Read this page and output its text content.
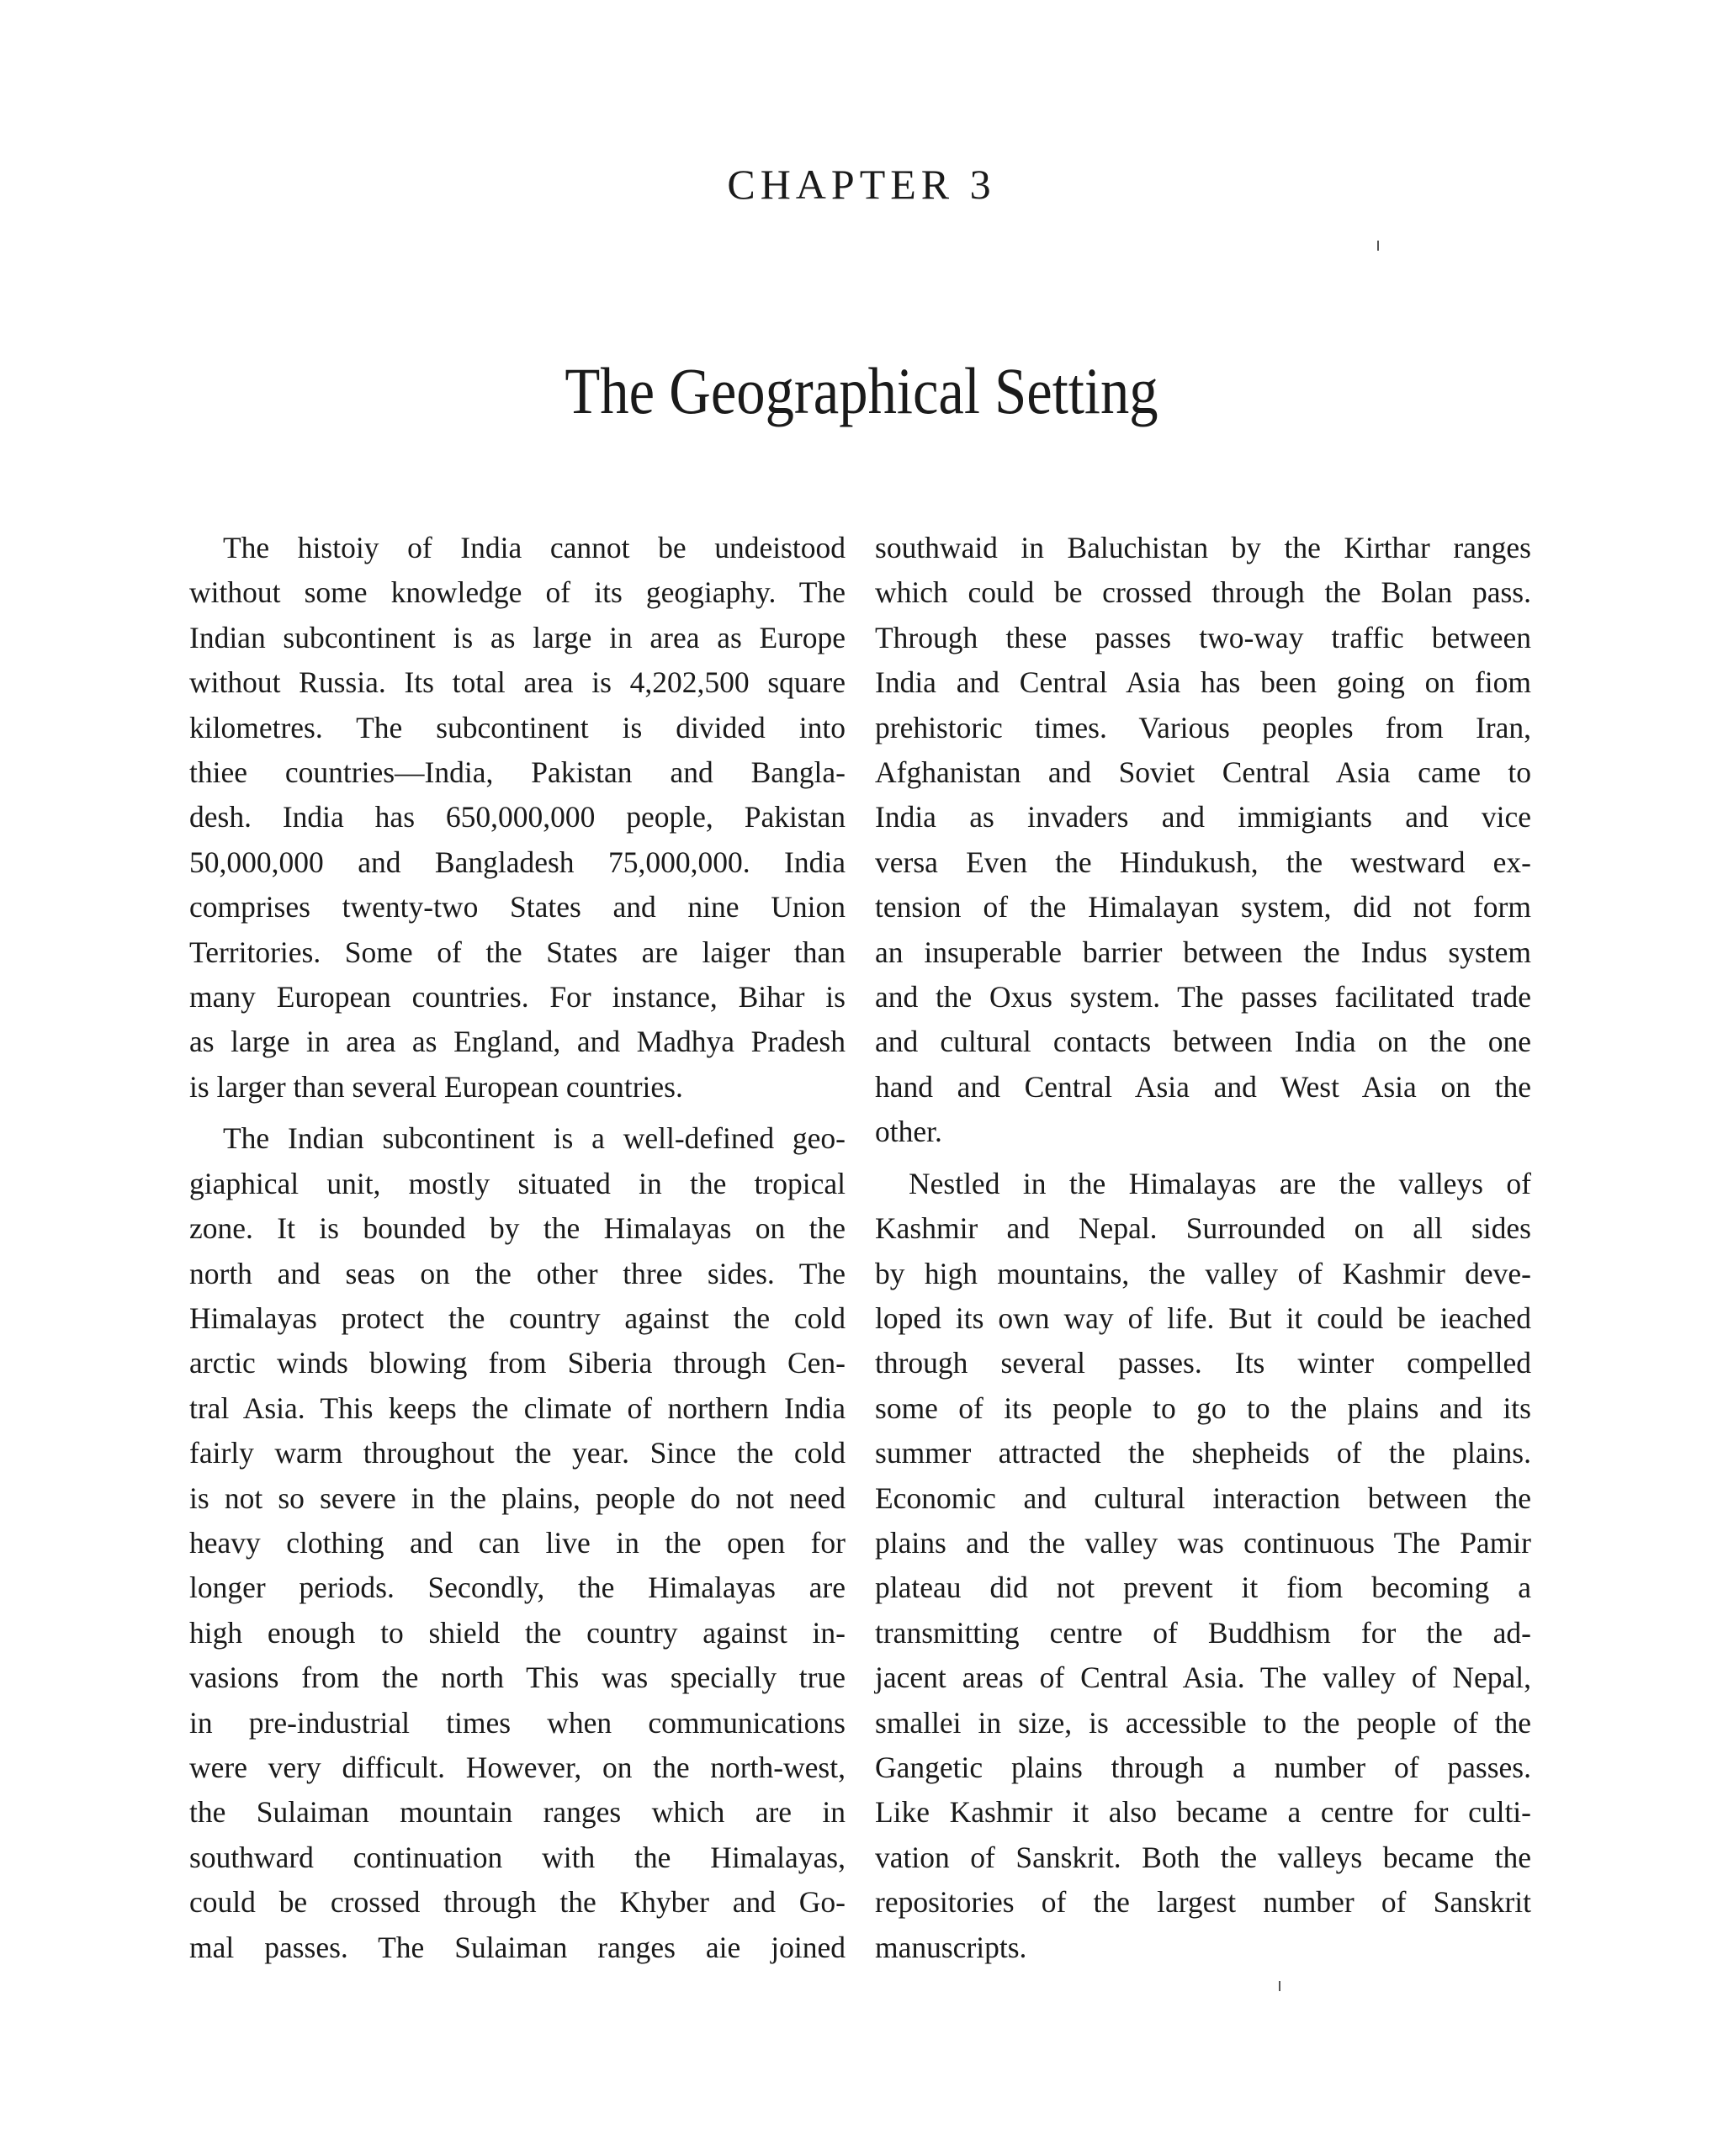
CHAPTER 3
The Geographical Setting
The histoiy of India cannot be undeistood
without some knowledge of its geogiaphy. The
Indian subcontinent is as large in area as Europe
without Russia. Its total area is 4,202,500 square
kilometres. The subcontinent is divided into
thiee countries—India, Pakistan and Bangla-
desh. India has 650,000,000 people, Pakistan
50,000,000 and Bangladesh 75,000,000. India
comprises twenty-two States and nine Union
Territories. Some of the States are laiger than
many European countries. For instance, Bihar is
as large in area as England, and Madhya Pradesh
is larger than several European countries.
The Indian subcontinent is a well-defined geo-
giaphical unit, mostly situated in the tropical
zone. It is bounded by the Himalayas on the
north and seas on the other three sides. The
Himalayas protect the country against the cold
arctic winds blowing from Siberia through Cen-
tral Asia. This keeps the climate of northern India
fairly warm throughout the year. Since the cold
is not so severe in the plains, people do not need
heavy clothing and can live in the open for
longer periods. Secondly, the Himalayas are
high enough to shield the country against in-
vasions from the north This was specially true
in pre-industrial times when communications
were very difficult. However, on the north-west,
the Sulaiman mountain ranges which are in
southward continuation with the Himalayas,
could be crossed through the Khyber and Go-
mal passes. The Sulaiman ranges aie joined
southwaid in Baluchistan by the Kirthar ranges
which could be crossed through the Bolan pass.
Through these passes two-way traffic between
India and Central Asia has been going on fiom
prehistoric times. Various peoples from Iran,
Afghanistan and Soviet Central Asia came to
India as invaders and immigiants and vice
versa Even the Hindukush, the westward ex-
tension of the Himalayan system, did not form
an insuperable barrier between the Indus system
and the Oxus system. The passes facilitated trade
and cultural contacts between India on the one
hand and Central Asia and West Asia on the
other.
Nestled in the Himalayas are the valleys of
Kashmir and Nepal. Surrounded on all sides
by high mountains, the valley of Kashmir deve-
loped its own way of life. But it could be ieached
through several passes. Its winter compelled
some of its people to go to the plains and its
summer attracted the shepheids of the plains.
Economic and cultural interaction between the
plains and the valley was continuous The Pamir
plateau did not prevent it fiom becoming a
transmitting centre of Buddhism for the ad-
jacent areas of Central Asia. The valley of Nepal,
smallei in size, is accessible to the people of the
Gangetic plains through a number of passes.
Like Kashmir it also became a centre for culti-
vation of Sanskrit. Both the valleys became the
repositories of the largest number of Sanskrit
manuscripts.
